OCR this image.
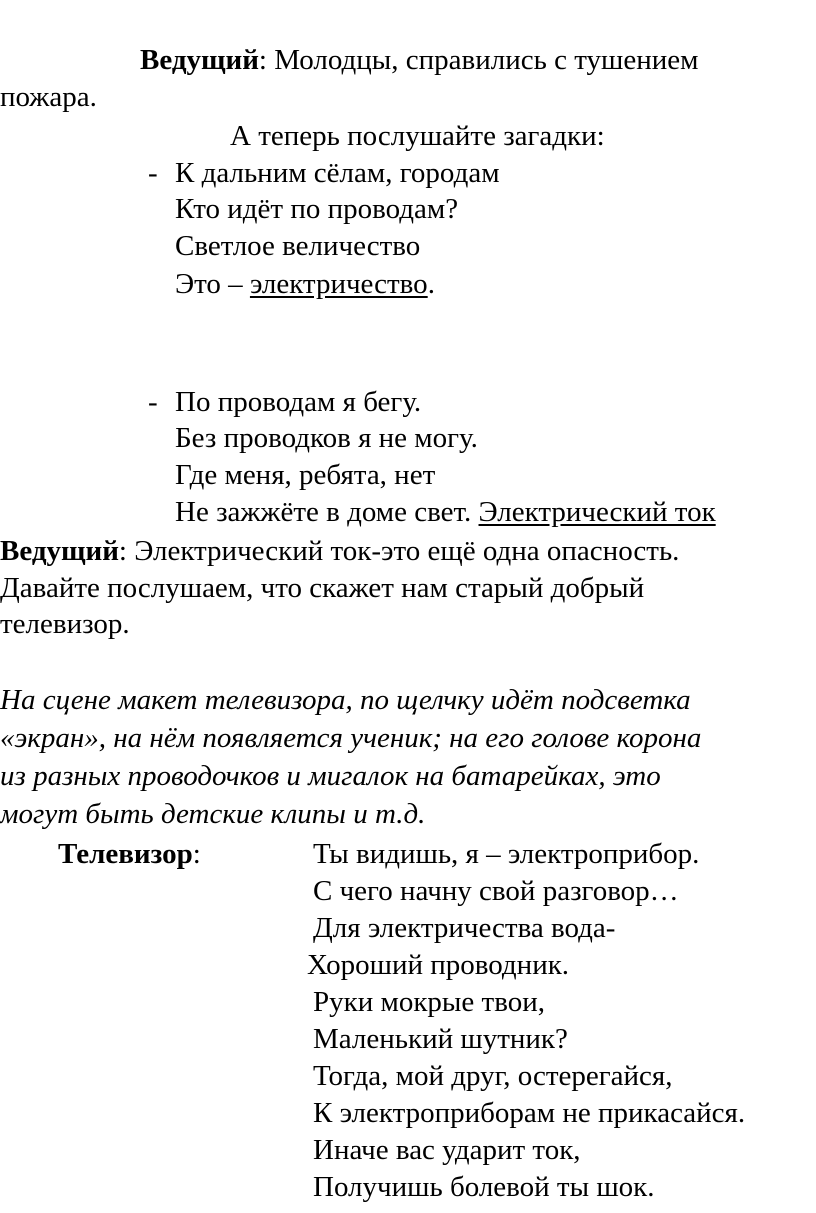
Ведущий: Молодцы, справились с тушением
пожара.
А теперь послушайте загадки:
- К дальним сёлам, городам
Кто идёт по проводам?
Светлое величество
Это – электричество.
- По проводам я бегу.
Без проводков я не могу.
Где меня, ребята, нет
Не зажжёте в доме свет. Электрический ток
Ведущий: Электрический ток-это ещё одна опасность.
Давайте послушаем, что скажет нам старый добрый
телевизор.
На сцене макет телевизора, по щелчку идёт подсветка
«экран», на нём появляется ученик; на его голове корона
из разных проводочков и мигалок на батарейках, это
могут быть детские клипы и т.д.
Телевизор:	Ты видишь, я – электроприбор.
С чего начну свой разговор…
Для электричества вода-
Хороший проводник.
Руки мокрые твои,
Маленький шутник?
Тогда, мой друг, остерегайся,
К электроприборам не прикасайся.
Иначе вас ударит ток,
Получишь болевой ты шок.
